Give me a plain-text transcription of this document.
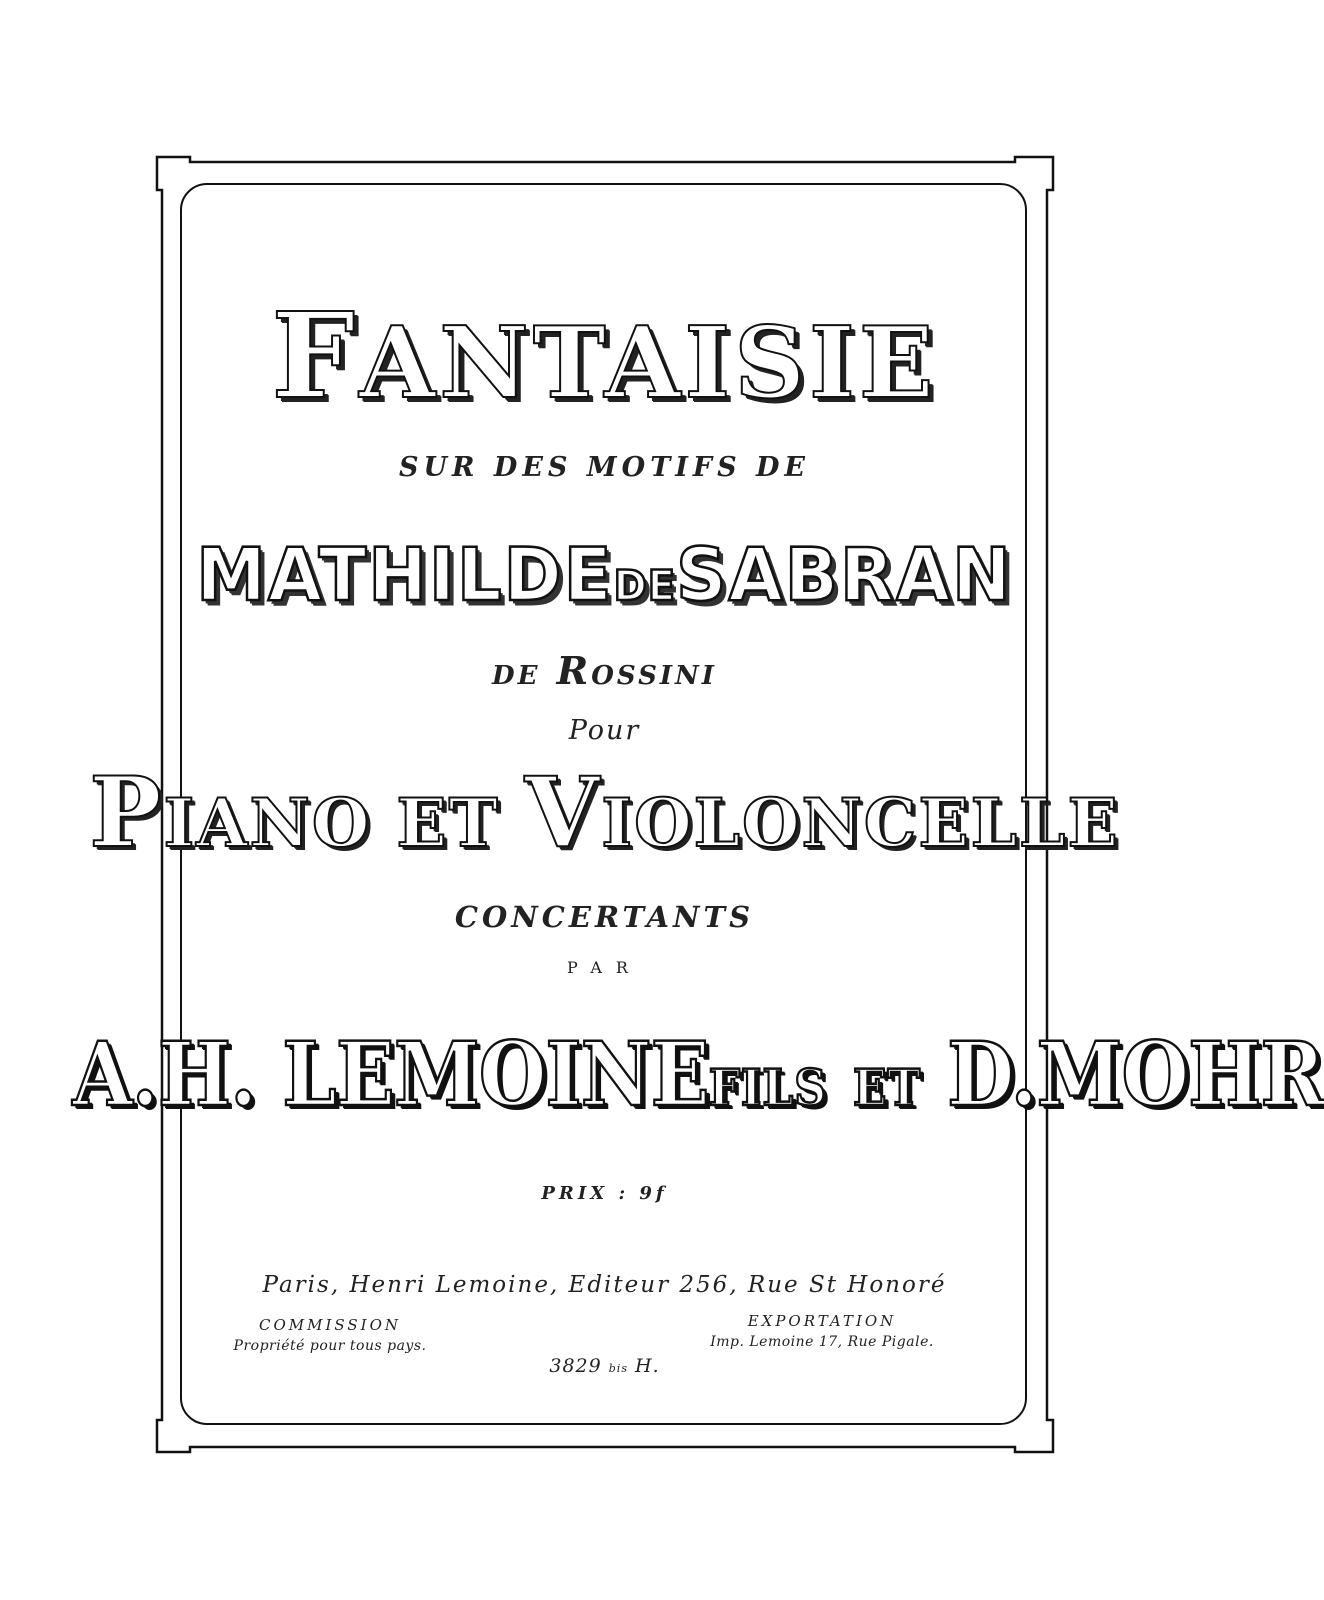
FANTAISIE
SUR DES MOTIFS DE
MATHILDEDESABRAN
DE ROSSINI
Pour
PIANO ET VIOLONCELLE
CONCERTANTS
PAR
A.H. LEMOINEFILS ET D.MOHR
PRIX : 9f
Paris, Henri Lemoine, Editeur 256, Rue St Honoré
COMMISSION
Propriété pour tous pays.
EXPORTATION
Imp. Lemoine 17, Rue Pigale.
3829 bis H.
